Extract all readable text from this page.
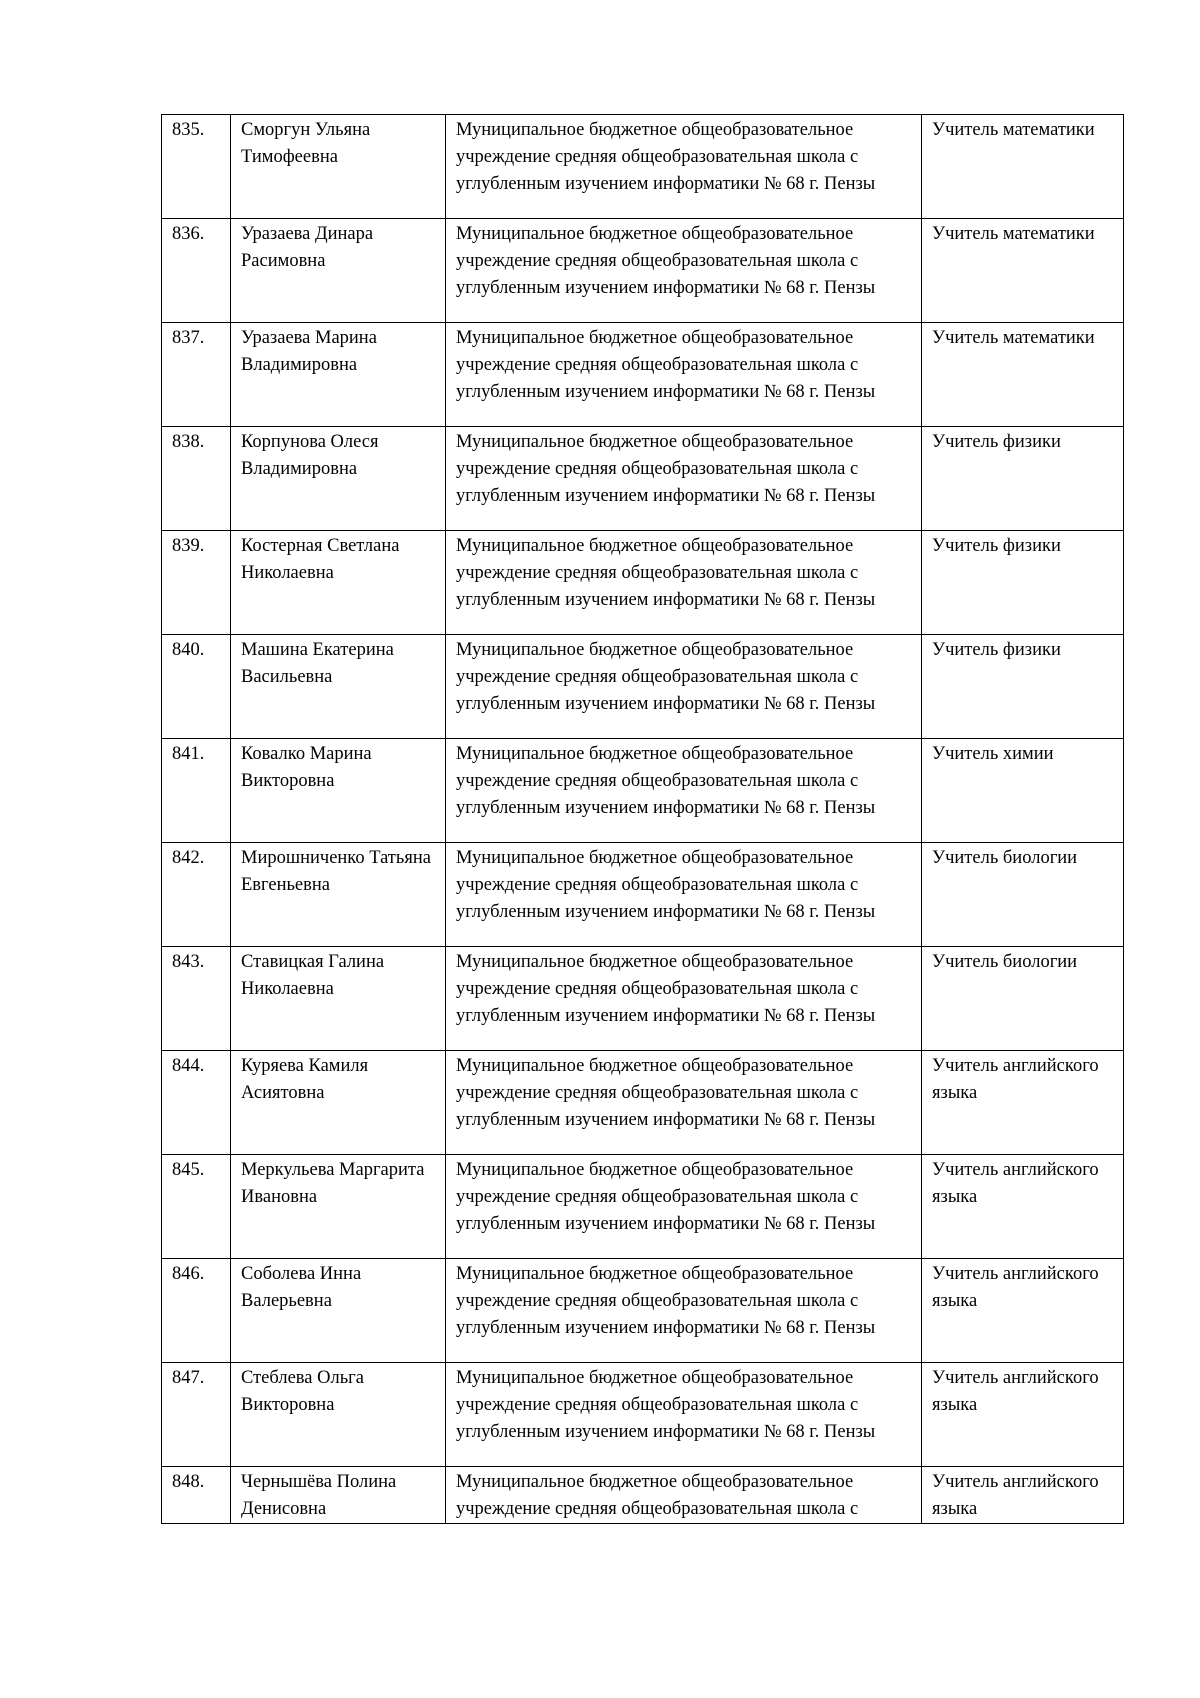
835.	Сморгун Ульяна Тимофеевна	Муниципальное бюджетное общеобразовательное учреждение средняя общеобразовательная школа с углубленным изучением информатики № 68 г. Пензы	Учитель математики
836.	Уразаева Динара Расимовна	Муниципальное бюджетное общеобразовательное учреждение средняя общеобразовательная школа с углубленным изучением информатики № 68 г. Пензы	Учитель математики
837.	Уразаева Марина Владимировна	Муниципальное бюджетное общеобразовательное учреждение средняя общеобразовательная школа с углубленным изучением информатики № 68 г. Пензы	Учитель математики
838.	Корпунова Олеся Владимировна	Муниципальное бюджетное общеобразовательное учреждение средняя общеобразовательная школа с углубленным изучением информатики № 68 г. Пензы	Учитель физики
839.	Костерная Светлана Николаевна	Муниципальное бюджетное общеобразовательное учреждение средняя общеобразовательная школа с углубленным изучением информатики № 68 г. Пензы	Учитель физики
840.	Машина Екатерина Васильевна	Муниципальное бюджетное общеобразовательное учреждение средняя общеобразовательная школа с углубленным изучением информатики № 68 г. Пензы	Учитель физики
841.	Ковалко Марина Викторовна	Муниципальное бюджетное общеобразовательное учреждение средняя общеобразовательная школа с углубленным изучением информатики № 68 г. Пензы	Учитель химии
842.	Мирошниченко Татьяна Евгеньевна	Муниципальное бюджетное общеобразовательное учреждение средняя общеобразовательная школа с углубленным изучением информатики № 68 г. Пензы	Учитель биологии
843.	Ставицкая Галина Николаевна	Муниципальное бюджетное общеобразовательное учреждение средняя общеобразовательная школа с углубленным изучением информатики № 68 г. Пензы	Учитель биологии
844.	Куряева Камиля Асиятовна	Муниципальное бюджетное общеобразовательное учреждение средняя общеобразовательная школа с углубленным изучением информатики № 68 г. Пензы	Учитель английского языка
845.	Меркульева Маргарита Ивановна	Муниципальное бюджетное общеобразовательное учреждение средняя общеобразовательная школа с углубленным изучением информатики № 68 г. Пензы	Учитель английского языка
846.	Соболева Инна Валерьевна	Муниципальное бюджетное общеобразовательное учреждение средняя общеобразовательная школа с углубленным изучением информатики № 68 г. Пензы	Учитель английского языка
847.	Стеблева Ольга Викторовна	Муниципальное бюджетное общеобразовательное учреждение средняя общеобразовательная школа с углубленным изучением информатики № 68 г. Пензы	Учитель английского языка
848.	Чернышёва Полина Денисовна	Муниципальное бюджетное общеобразовательное учреждение средняя общеобразовательная школа с	Учитель английского языка
